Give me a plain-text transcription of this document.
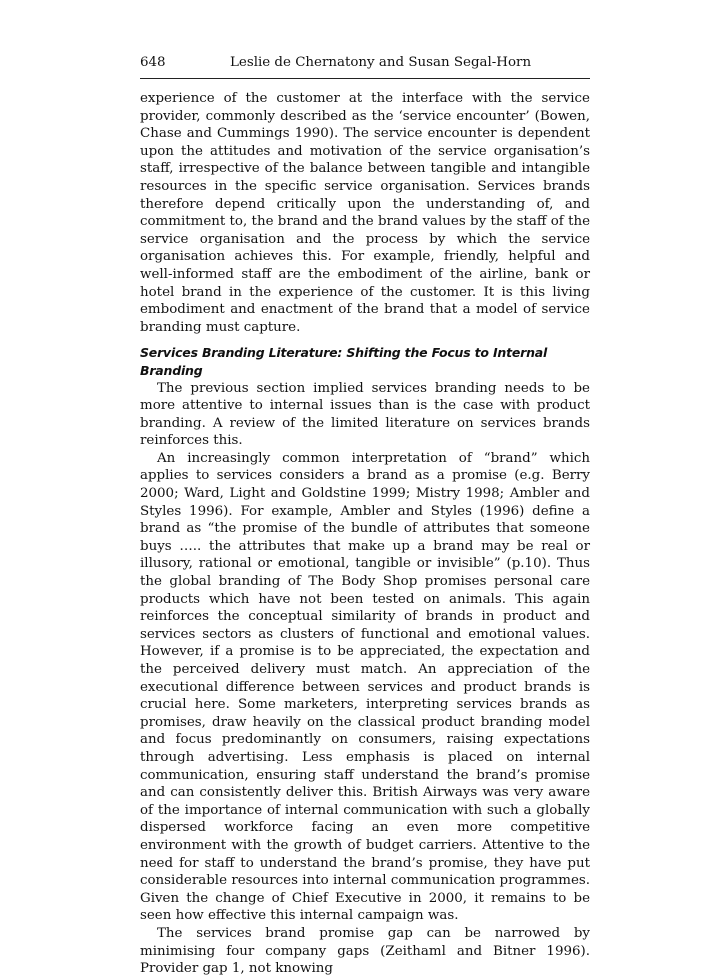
648	Leslie de Chernatony and Susan Segal-Horn

experience of the customer at the interface with the service provider, commonly described as the ‘service encounter’ (Bowen, Chase and Cummings 1990). The service encounter is dependent upon the attitudes and motivation of the service organisation’s staff, irrespective of the balance between tangible and intangible resources in the specific service organisation. Services brands therefore depend critically upon the understanding of, and commitment to, the brand and the brand values by the staff of the service organisation and the process by which the service organisation achieves this. For example, friendly, helpful and well-informed staff are the embodiment of the airline, bank or hotel brand in the experience of the customer. It is this living embodiment and enactment of the brand that a model of service branding must capture.

Services Branding Literature: Shifting the Focus to Internal Branding

The previous section implied services branding needs to be more attentive to internal issues than is the case with product branding. A review of the limited literature on services brands reinforces this.

An increasingly common interpretation of “brand” which applies to services considers a brand as a promise (e.g. Berry 2000; Ward, Light and Goldstine 1999; Mistry 1998; Ambler and Styles 1996). For example, Ambler and Styles (1996) define a brand as “the promise of the bundle of attributes that someone buys ….. the attributes that make up a brand may be real or illusory, rational or emotional, tangible or invisible” (p.10). Thus the global branding of The Body Shop promises personal care products which have not been tested on animals. This again reinforces the conceptual similarity of brands in product and services sectors as clusters of functional and emotional values. However, if a promise is to be appreciated, the expectation and the perceived delivery must match. An appreciation of the executional difference between services and product brands is crucial here. Some marketers, interpreting services brands as promises, draw heavily on the classical product branding model and focus predominantly on consumers, raising expectations through advertising. Less emphasis is placed on internal communication, ensuring staff understand the brand’s promise and can consistently deliver this. British Airways was very aware of the importance of internal communication with such a globally dispersed workforce facing an even more competitive environment with the growth of budget carriers. Attentive to the need for staff to understand the brand’s promise, they have put considerable resources into internal communication programmes. Given the change of Chief Executive in 2000, it remains to be seen how effective this internal campaign was.

The services brand promise gap can be narrowed by minimising four company gaps (Zeithaml and Bitner 1996). Provider gap 1, not knowing
